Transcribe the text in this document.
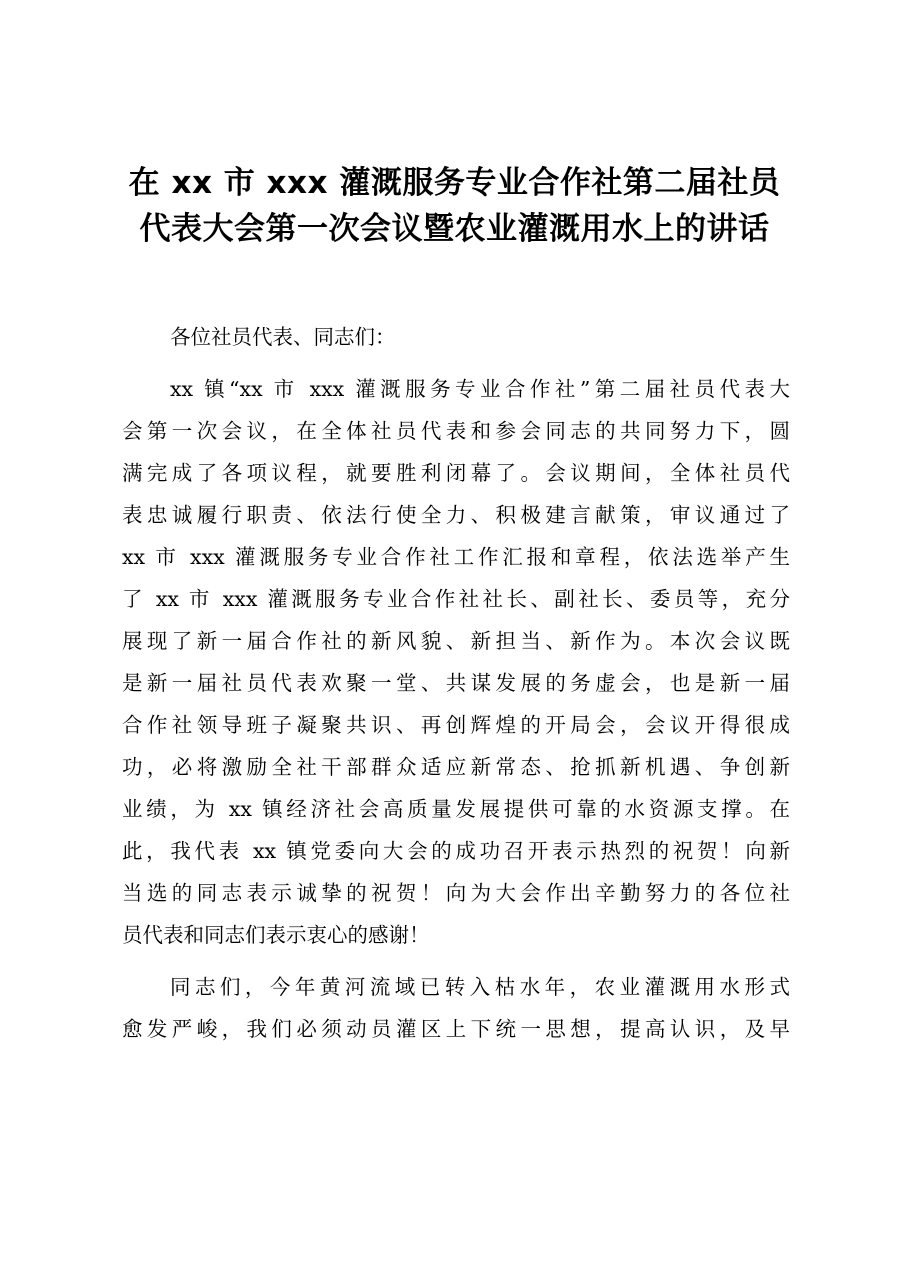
在 xx 市 xxx 灌溉服务专业合作社第二届社员
代表大会第一次会议暨农业灌溉用水上的讲话
各位社员代表、同志们：
xx 镇“xx 市 xxx 灌溉服务专业合作社”第二届社员代表大
会第一次会议，在全体社员代表和参会同志的共同努力下，圆
满完成了各项议程，就要胜利闭幕了。会议期间，全体社员代
表忠诚履行职责、依法行使全力、积极建言献策，审议通过了
xx 市 xxx 灌溉服务专业合作社工作汇报和章程，依法选举产生
了 xx 市 xxx 灌溉服务专业合作社社长、副社长、委员等，充分
展现了新一届合作社的新风貌、新担当、新作为。本次会议既
是新一届社员代表欢聚一堂、共谋发展的务虚会，也是新一届
合作社领导班子凝聚共识、再创辉煌的开局会，会议开得很成
功，必将激励全社干部群众适应新常态、抢抓新机遇、争创新
业绩，为 xx 镇经济社会高质量发展提供可靠的水资源支撑。在
此，我代表 xx 镇党委向大会的成功召开表示热烈的祝贺！向新
当选的同志表示诚挚的祝贺！向为大会作出辛勤努力的各位社
员代表和同志们表示衷心的感谢！
同志们，今年黄河流域已转入枯水年，农业灌溉用水形式
愈发严峻，我们必须动员灌区上下统一思想，提高认识，及早
